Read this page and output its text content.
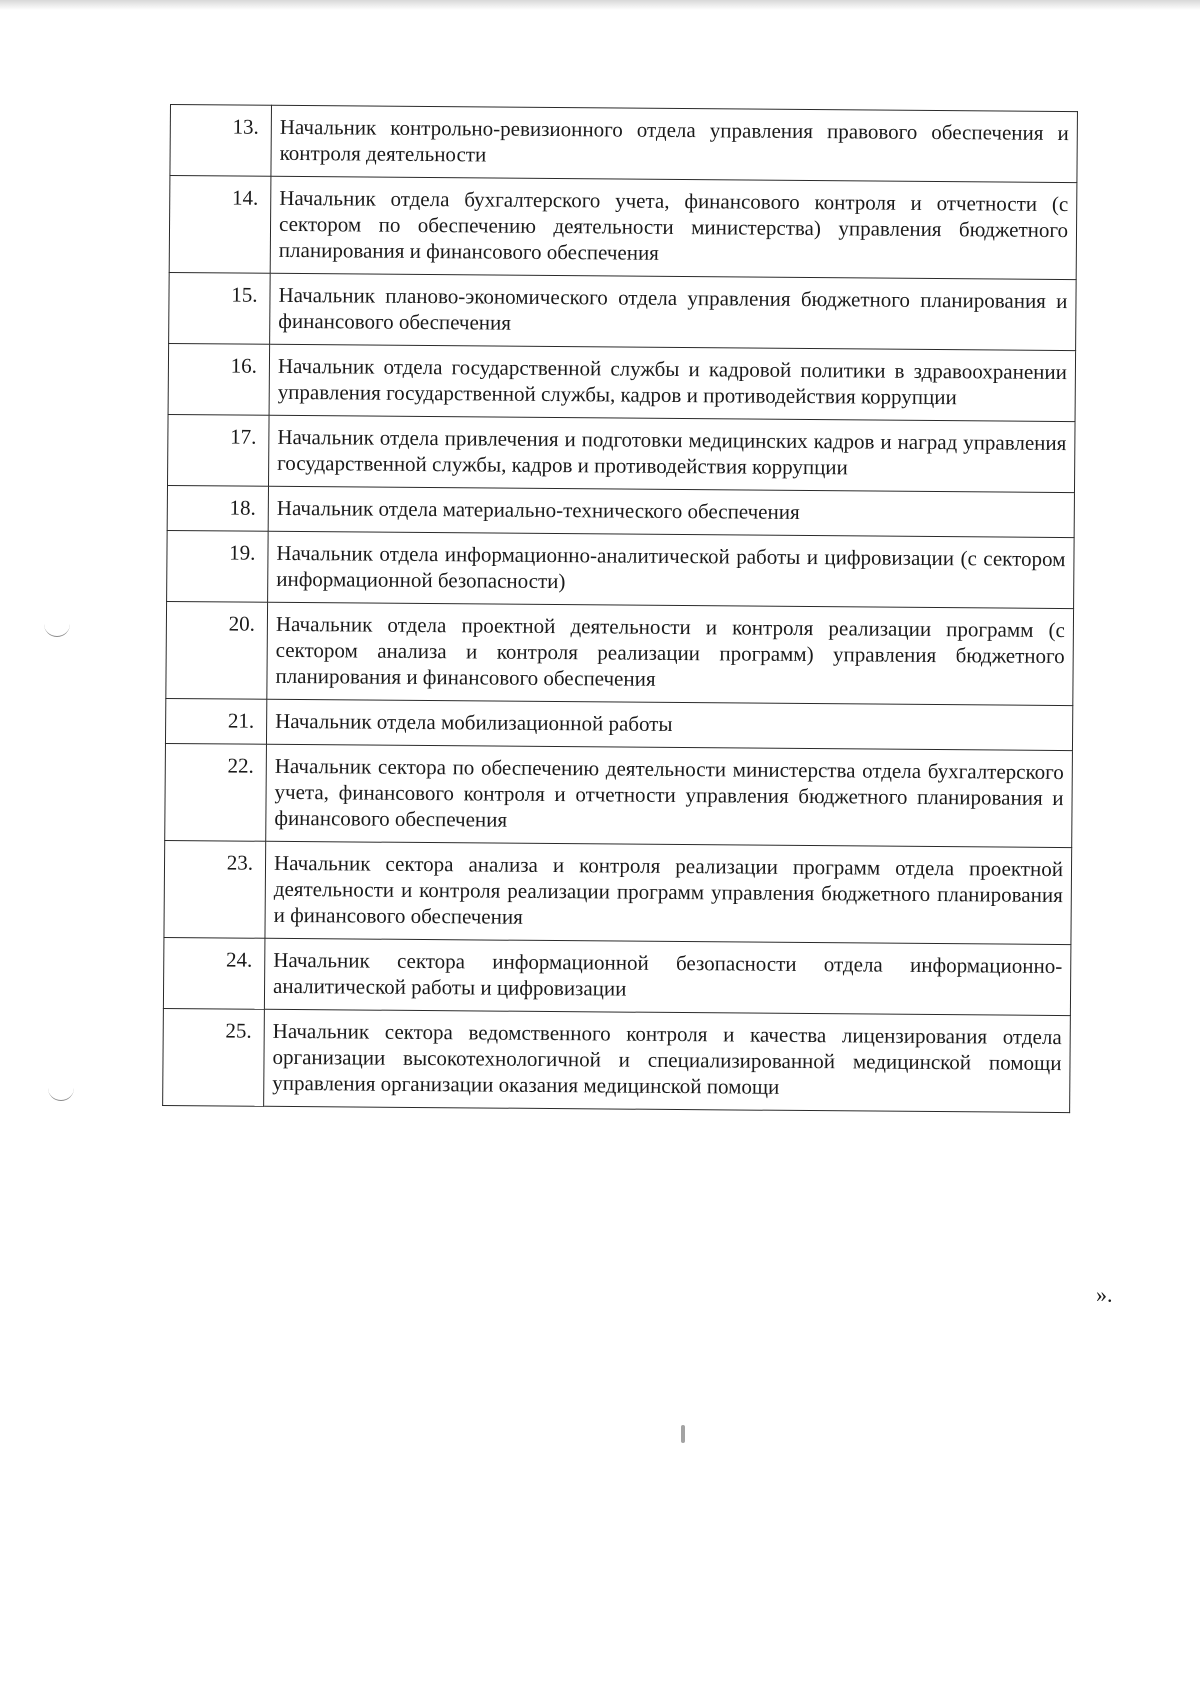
13.	Начальник контрольно-ревизионного отдела управления правового обеспечения и контроля деятельности
14.	Начальник отдела бухгалтерского учета, финансового контроля и отчетности (с сектором по обеспечению деятельности министерства) управления бюджетного планирования и финансового обеспечения
15.	Начальник планово-экономического отдела управления бюджетного планирования и финансового обеспечения
16.	Начальник отдела государственной службы и кадровой политики в здравоохранении управления государственной службы, кадров и противодействия коррупции
17.	Начальник отдела привлечения и подготовки медицинских кадров и наград управления государственной службы, кадров и противодействия коррупции
18.	Начальник отдела материально-технического обеспечения
19.	Начальник отдела информационно-аналитической работы и цифровизации (с сектором информационной безопасности)
20.	Начальник отдела проектной деятельности и контроля реализации программ (с сектором анализа и контроля реализации программ) управления бюджетного планирования и финансового обеспечения
21.	Начальник отдела мобилизационной работы
22.	Начальник сектора по обеспечению деятельности министерства отдела бухгалтерского учета, финансового контроля и отчетности управления бюджетного планирования и финансового обеспечения
23.	Начальник сектора анализа и контроля реализации программ отдела проектной деятельности и контроля реализации программ управления бюджетного планирования и финансового обеспечения
24.	Начальник сектора информационной безопасности отдела информационно-аналитической работы и цифровизации
25.	Начальник сектора ведомственного контроля и качества лицензирования отдела организации высокотехнологичной и специализированной медицинской помощи управления организации оказания медицинской помощи
».
